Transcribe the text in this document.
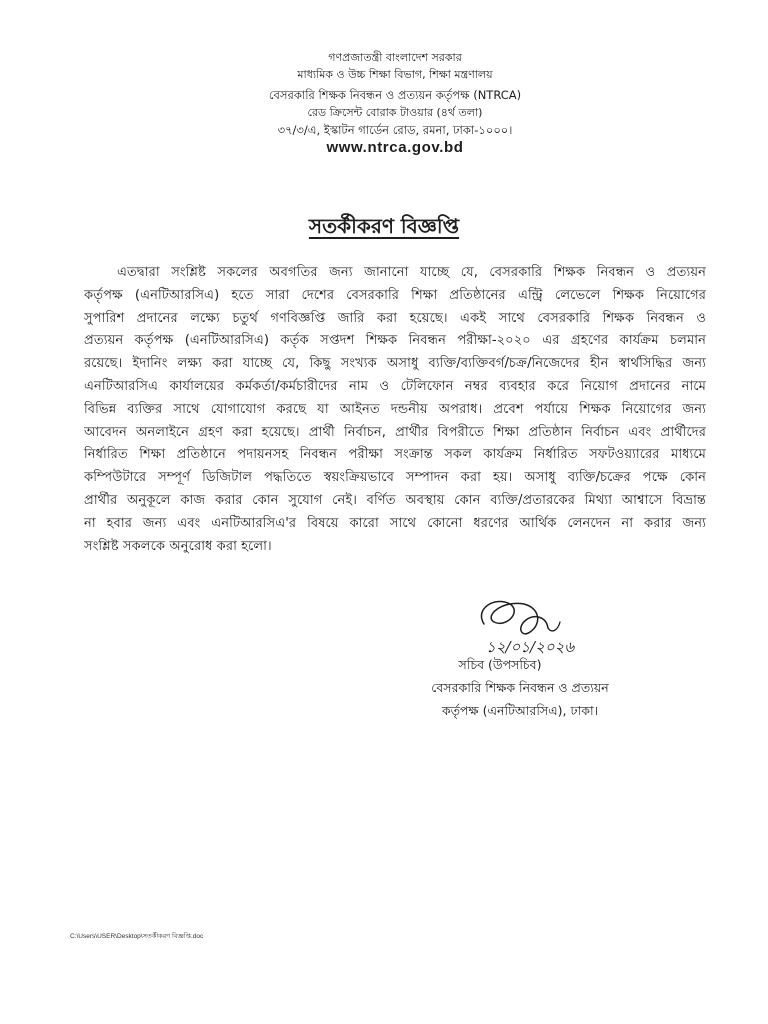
গণপ্রজাতন্ত্রী বাংলাদেশ সরকার
মাধ্যমিক ও উচ্চ শিক্ষা বিভাগ, শিক্ষা মন্ত্রণালয়
বেসরকারি শিক্ষক নিবন্ধন ও প্রত্যয়ন কর্তৃপক্ষ (NTRCA)
রেড ক্রিসেন্ট বোরাক টাওয়ার (৪র্থ তলা)
৩৭/৩/এ, ইস্কাটন গার্ডেন রোড, রমনা, ঢাকা-১০০০।
www.ntrca.gov.bd
সতর্কীকরণ বিজ্ঞপ্তি
এতদ্বারা সংশ্লিষ্ট সকলের অবগতির জন্য জানানো যাচ্ছে যে, বেসরকারি শিক্ষক নিবন্ধন ও প্রত্যয়ন
কর্তৃপক্ষ (এনটিআরসিএ) হতে সারা দেশের বেসরকারি শিক্ষা প্রতিষ্ঠানের এন্ট্রি লেভেলে শিক্ষক নিয়োগের
সুপারিশ প্রদানের লক্ষ্যে চতুর্থ গণবিজ্ঞপ্তি জারি করা হয়েছে। একই সাথে বেসরকারি শিক্ষক নিবন্ধন ও
প্রত্যয়ন কর্তৃপক্ষ (এনটিআরসিএ) কর্তৃক সপ্তদশ শিক্ষক নিবন্ধন পরীক্ষা-২০২০ এর গ্রহণের কার্যক্রম চলমান
রয়েছে। ইদানিং লক্ষ্য করা যাচ্ছে যে, কিছু সংখ্যক অসাধু ব্যক্তি/ব্যক্তিবর্গ/চক্র/নিজেদের হীন স্বার্থসিদ্ধির জন্য
এনটিআরসিএ কার্যালয়ের কর্মকর্তা/কর্মচারীদের নাম ও টেলিফোন নম্বর ব্যবহার করে নিয়োগ প্রদানের নামে
বিভিন্ন ব্যক্তির সাথে যোগাযোগ করছে যা আইনত দন্ডনীয় অপরাধ। প্রবেশ পর্যায়ে শিক্ষক নিয়োগের জন্য
আবেদন অনলাইনে গ্রহণ করা হয়েছে। প্রার্থী নির্বাচন, প্রার্থীর বিপরীতে শিক্ষা প্রতিষ্ঠান নির্বাচন এবং প্রার্থীদের
নির্ধারিত শিক্ষা প্রতিষ্ঠানে পদায়নসহ নিবন্ধন পরীক্ষা সংক্রান্ত সকল কার্যক্রম নির্ধারিত সফটওয়্যারের মাধ্যমে
কম্পিউটারে সম্পূর্ণ ডিজিটাল পদ্ধতিতে স্বয়ংক্রিয়ভাবে সম্পাদন করা হয়। অসাধু ব্যক্তি/চক্রের পক্ষে কোন
প্রার্থীর অনুকূলে কাজ করার কোন সুযোগ নেই। বর্ণিত অবস্থায় কোন ব্যক্তি/প্রতারকের মিথ্যা আশ্বাসে বিভ্রান্ত
না হবার জন্য এবং এনটিআরসিএ'র বিষয়ে কারো সাথে কোনো ধরণের আর্থিক লেনদেন না করার জন্য
সংশ্লিষ্ট সকলকে অনুরোধ করা হলো।
১২/০১/২০২৬
সচিব (উপসচিব)
বেসরকারি শিক্ষক নিবন্ধন ও প্রত্যয়ন
কর্তৃপক্ষ (এনটিআরসিএ), ঢাকা।
C:\Users\USER\Desktop\সতর্কীকরণ বিজ্ঞপ্তি.doc
